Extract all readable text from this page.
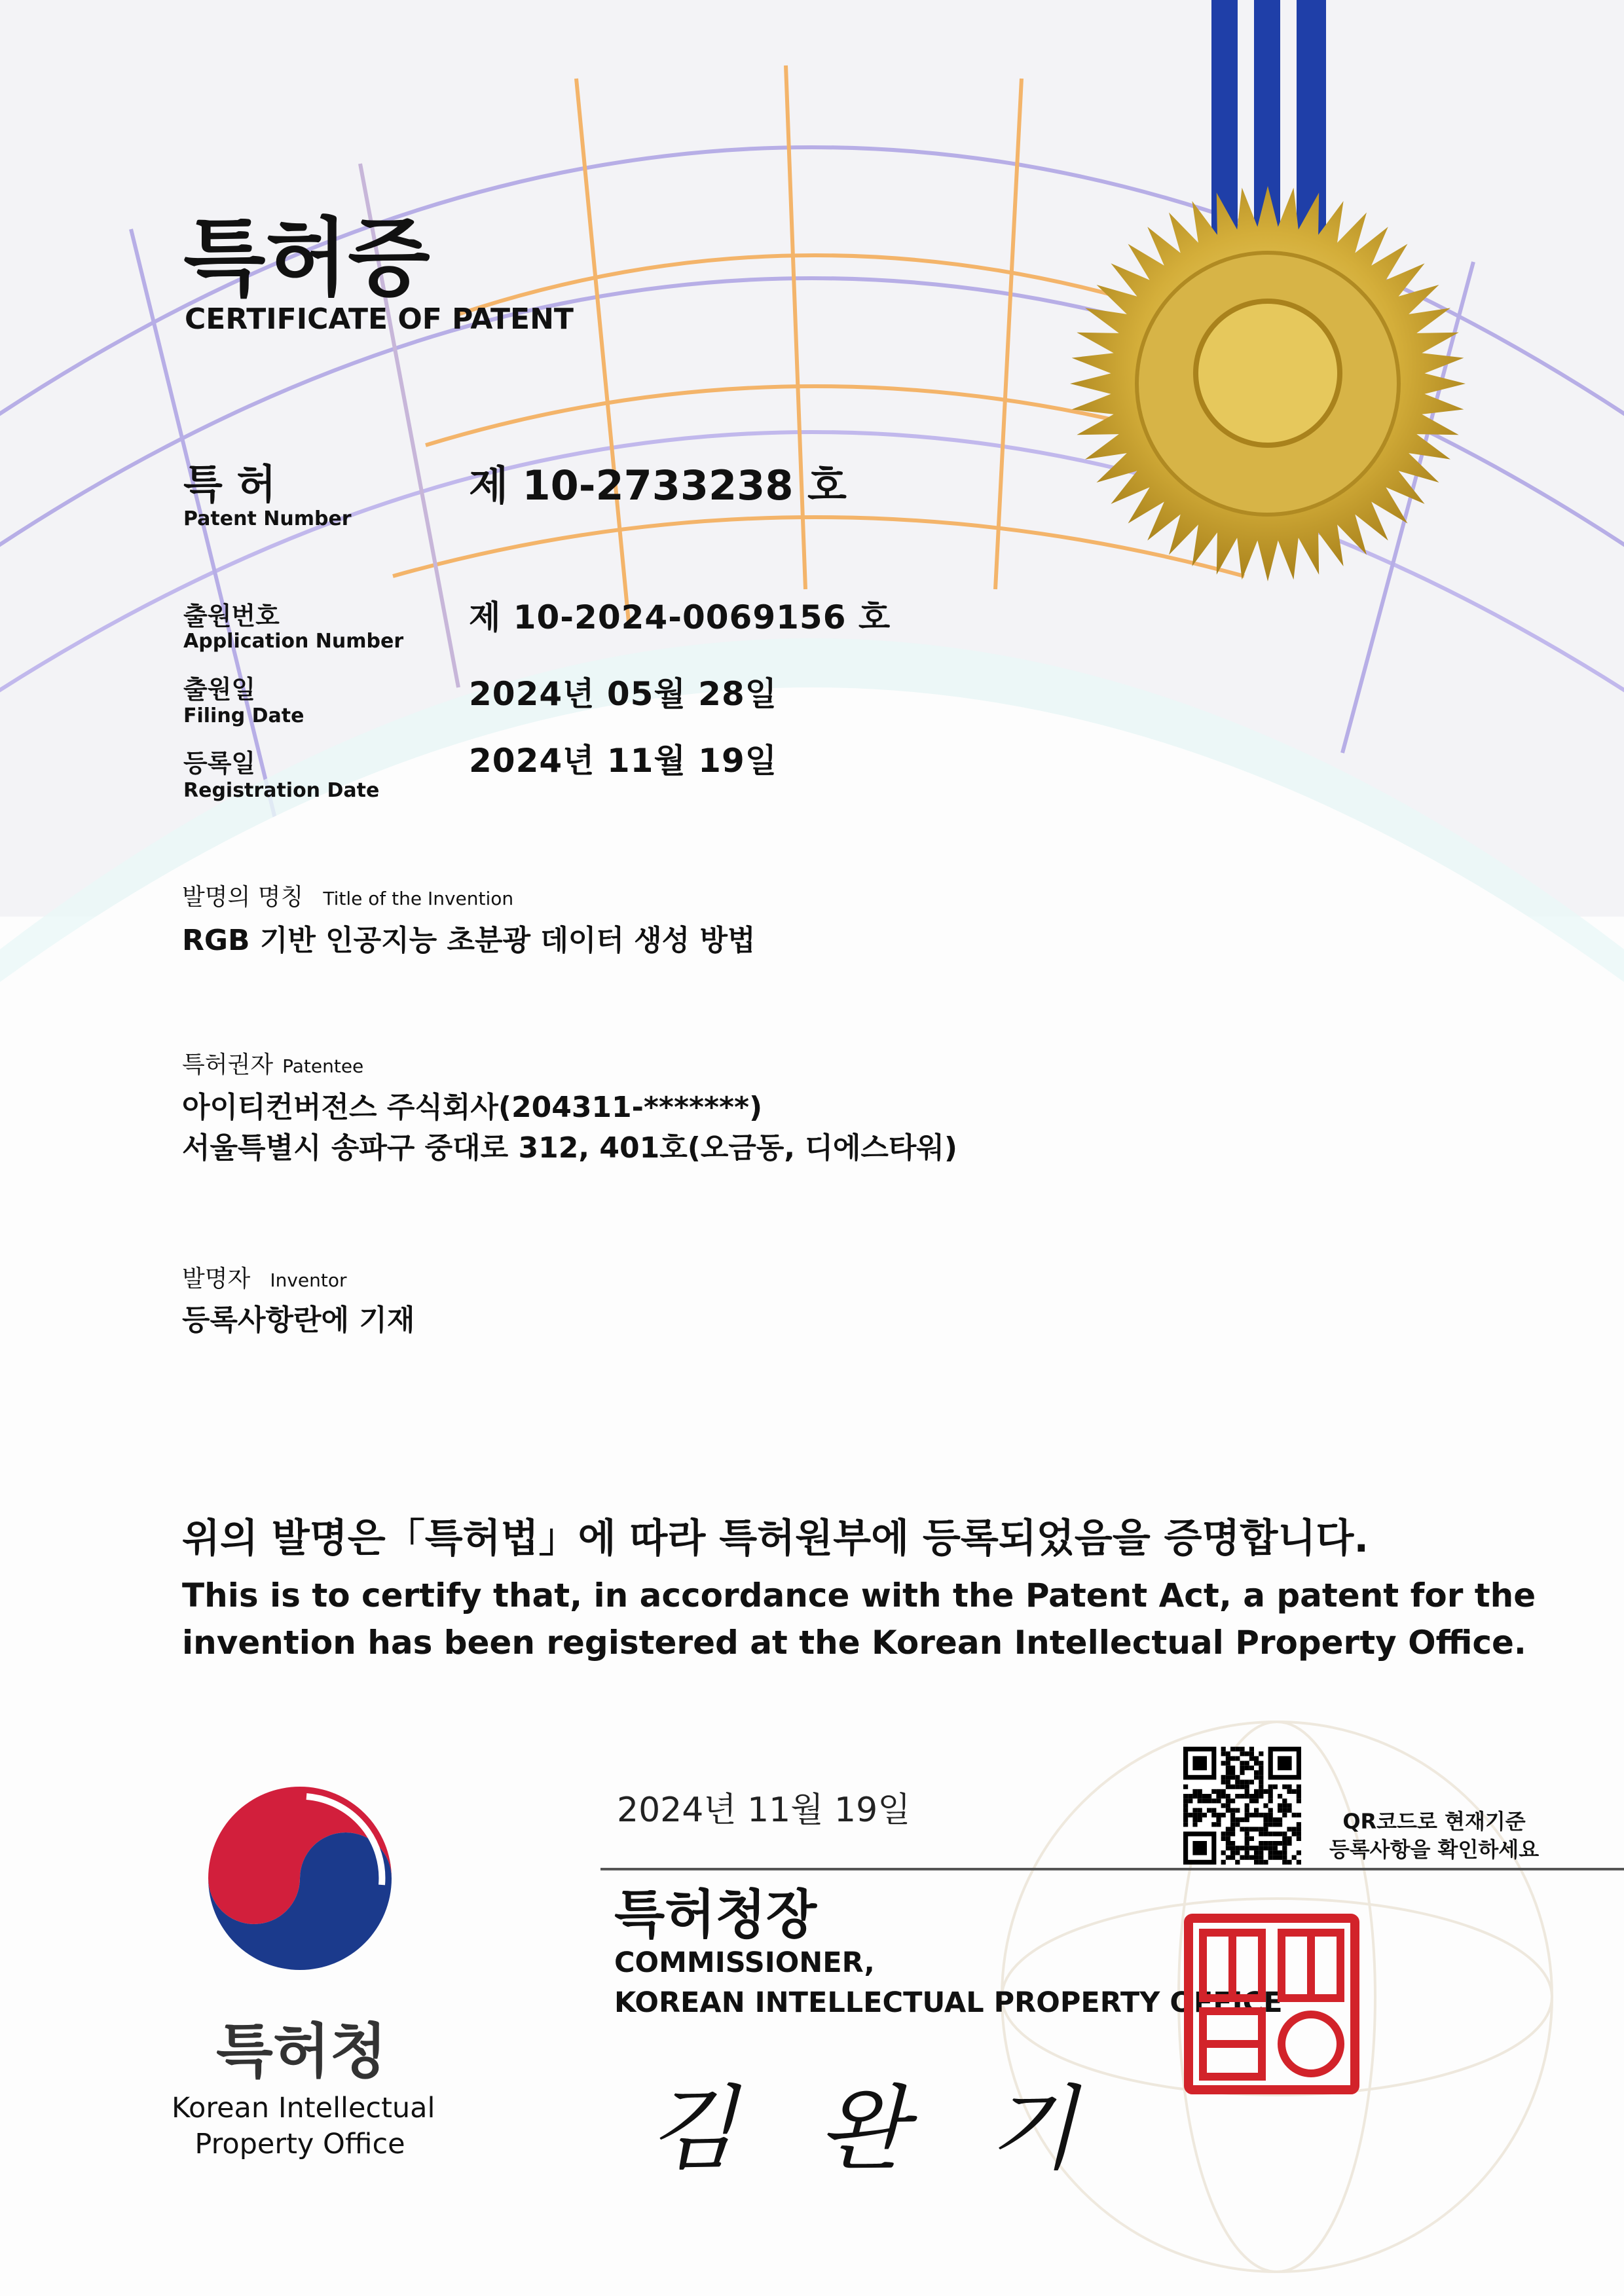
특허증
CERTIFICATE OF PATENT
특 허
Patent Number
제 10-2733238 호
출원번호
Application Number
제 10-2024-0069156 호
출원일
Filing Date
2024년 05월 28일
등록일
Registration Date
2024년 11월 19일
발명의 명칭 Title of the Invention
RGB 기반 인공지능 초분광 데이터 생성 방법
특허권자 Patentee
아이티컨버전스 주식회사(204311-*******)
서울특별시 송파구 중대로 312, 401호(오금동, 디에스타워)
발명자 Inventor
등록사항란에 기재
위의 발명은「특허법」에 따라 특허원부에 등록되었음을 증명합니다.
This is to certify that, in accordance with the Patent Act, a patent for the
invention has been registered at the Korean Intellectual Property Office.
특허청
Korean Intellectual
Property Office
2024년 11월 19일	QR코드로 현재기준
등록사항을 확인하세요
특허청장
COMMISSIONER,
KOREAN INTELLECTUAL PROPERTY OFFICE
김 완 기
